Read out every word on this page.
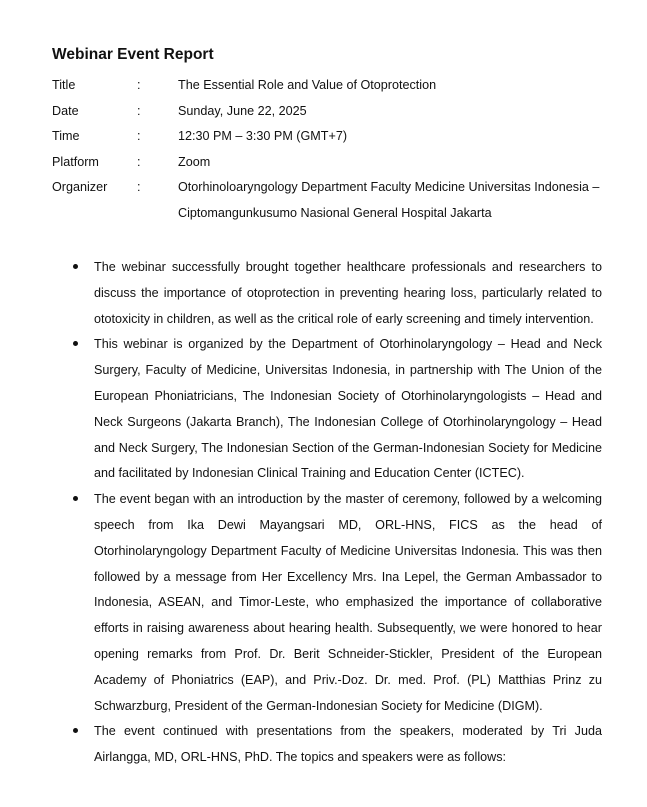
Webinar Event Report
Title	:	The Essential Role and Value of Otoprotection
Date	:	Sunday, June 22, 2025
Time	:	12:30 PM – 3:30 PM (GMT+7)
Platform	:	Zoom
Organizer :	Otorhinoloaryngology Department Faculty Medicine Universitas Indonesia – Ciptomangunkusumo Nasional General Hospital Jakarta

The webinar successfully brought together healthcare professionals and researchers to discuss the importance of otoprotection in preventing hearing loss, particularly related to ototoxicity in children, as well as the critical role of early screening and timely intervention.

This webinar is organized by the Department of Otorhinolaryngology – Head and Neck Surgery, Faculty of Medicine, Universitas Indonesia, in partnership with The Union of the European Phoniatricians, The Indonesian Society of Otorhinolaryngologists – Head and Neck Surgeons (Jakarta Branch), The Indonesian College of Otorhinolaryngology – Head and Neck Surgery, The Indonesian Section of the German-Indonesian Society for Medicine and facilitated by Indonesian Clinical Training and Education Center (ICTEC).

The event began with an introduction by the master of ceremony, followed by a welcoming speech from Ika Dewi Mayangsari MD, ORL-HNS, FICS as the head of Otorhinolaryngology Department Faculty of Medicine Universitas Indonesia. This was then followed by a message from Her Excellency Mrs. Ina Lepel, the German Ambassador to Indonesia, ASEAN, and Timor-Leste, who emphasized the importance of collaborative efforts in raising awareness about hearing health. Subsequently, we were honored to hear opening remarks from Prof. Dr. Berit Schneider-Stickler, President of the European Academy of Phoniatrics (EAP), and Priv.-Doz. Dr. med. Prof. (PL) Matthias Prinz zu Schwarzburg, President of the German-Indonesian Society for Medicine (DIGM).

The event continued with presentations from the speakers, moderated by Tri Juda Airlangga, MD, ORL-HNS, PhD. The topics and speakers were as follows:
